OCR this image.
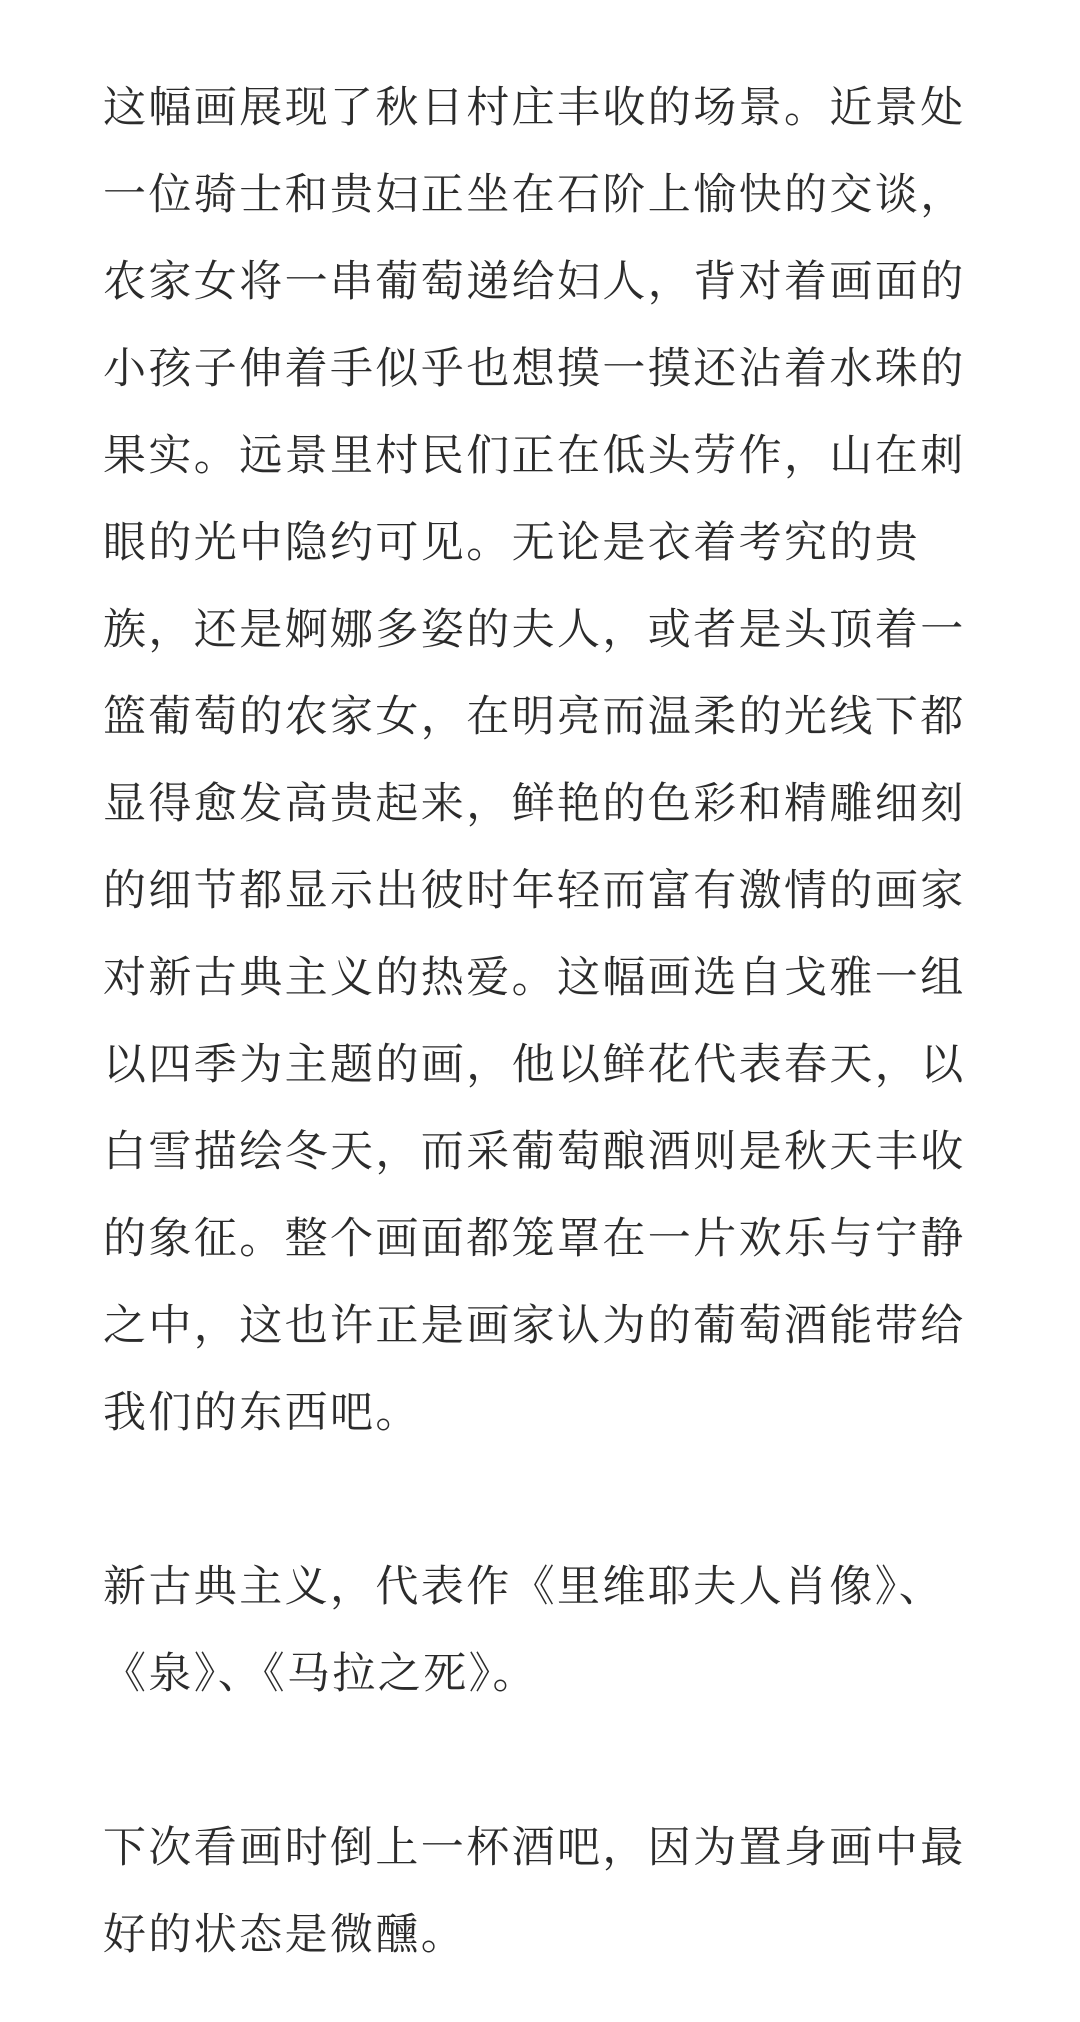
这幅画展现了秋日村庄丰收的场景。近景处一位骑士和贵妇正坐在石阶上愉快的交谈，农家女将一串葡萄递给妇人，背对着画面的小孩子伸着手似乎也想摸一摸还沾着水珠的果实。远景里村民们正在低头劳作，山在刺眼的光中隐约可见。无论是衣着考究的贵族，还是婀娜多姿的夫人，或者是头顶着一篮葡萄的农家女，在明亮而温柔的光线下都显得愈发高贵起来，鲜艳的色彩和精雕细刻的细节都显示出彼时年轻而富有激情的画家对新古典主义的热爱。这幅画选自戈雅一组以四季为主题的画，他以鲜花代表春天，以白雪描绘冬天，而采葡萄酿酒则是秋天丰收的象征。整个画面都笼罩在一片欢乐与宁静之中，这也许正是画家认为的葡萄酒能带给我们的东西吧。

新古典主义，代表作《里维耶夫人肖像》、《泉》、《马拉之死》。

下次看画时倒上一杯酒吧，因为置身画中最好的状态是微醺。
